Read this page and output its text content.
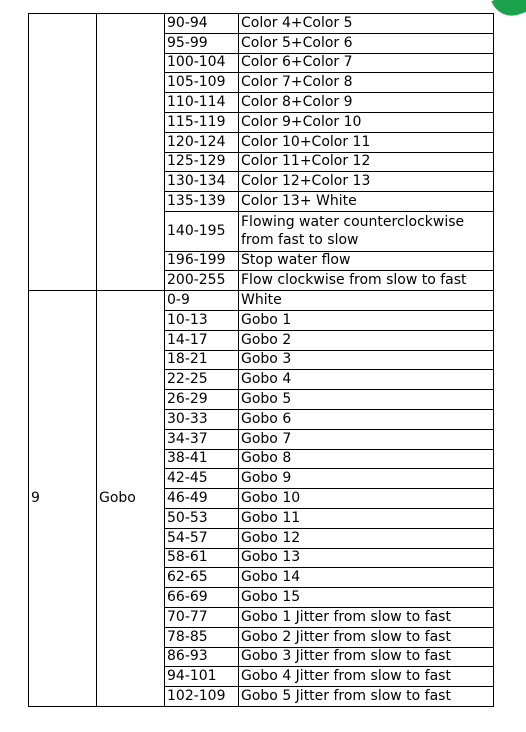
		90-94	Color 4+Color 5
		95-99	Color 5+Color 6
		100-104	Color 6+Color 7
		105-109	Color 7+Color 8
		110-114	Color 8+Color 9
		115-119	Color 9+Color 10
		120-124	Color 10+Color 11
		125-129	Color 11+Color 12
		130-134	Color 12+Color 13
		135-139	Color 13+ White
		140-195	Flowing water counterclockwise from fast to slow
		196-199	Stop water flow
		200-255	Flow clockwise from slow to fast
9	Gobo	0-9	White
		10-13	Gobo 1
		14-17	Gobo 2
		18-21	Gobo 3
		22-25	Gobo 4
		26-29	Gobo 5
		30-33	Gobo 6
		34-37	Gobo 7
		38-41	Gobo 8
		42-45	Gobo 9
		46-49	Gobo 10
		50-53	Gobo 11
		54-57	Gobo 12
		58-61	Gobo 13
		62-65	Gobo 14
		66-69	Gobo 15
		70-77	Gobo 1 Jitter from slow to fast
		78-85	Gobo 2 Jitter from slow to fast
		86-93	Gobo 3 Jitter from slow to fast
		94-101	Gobo 4 Jitter from slow to fast
		102-109	Gobo 5 Jitter from slow to fast
